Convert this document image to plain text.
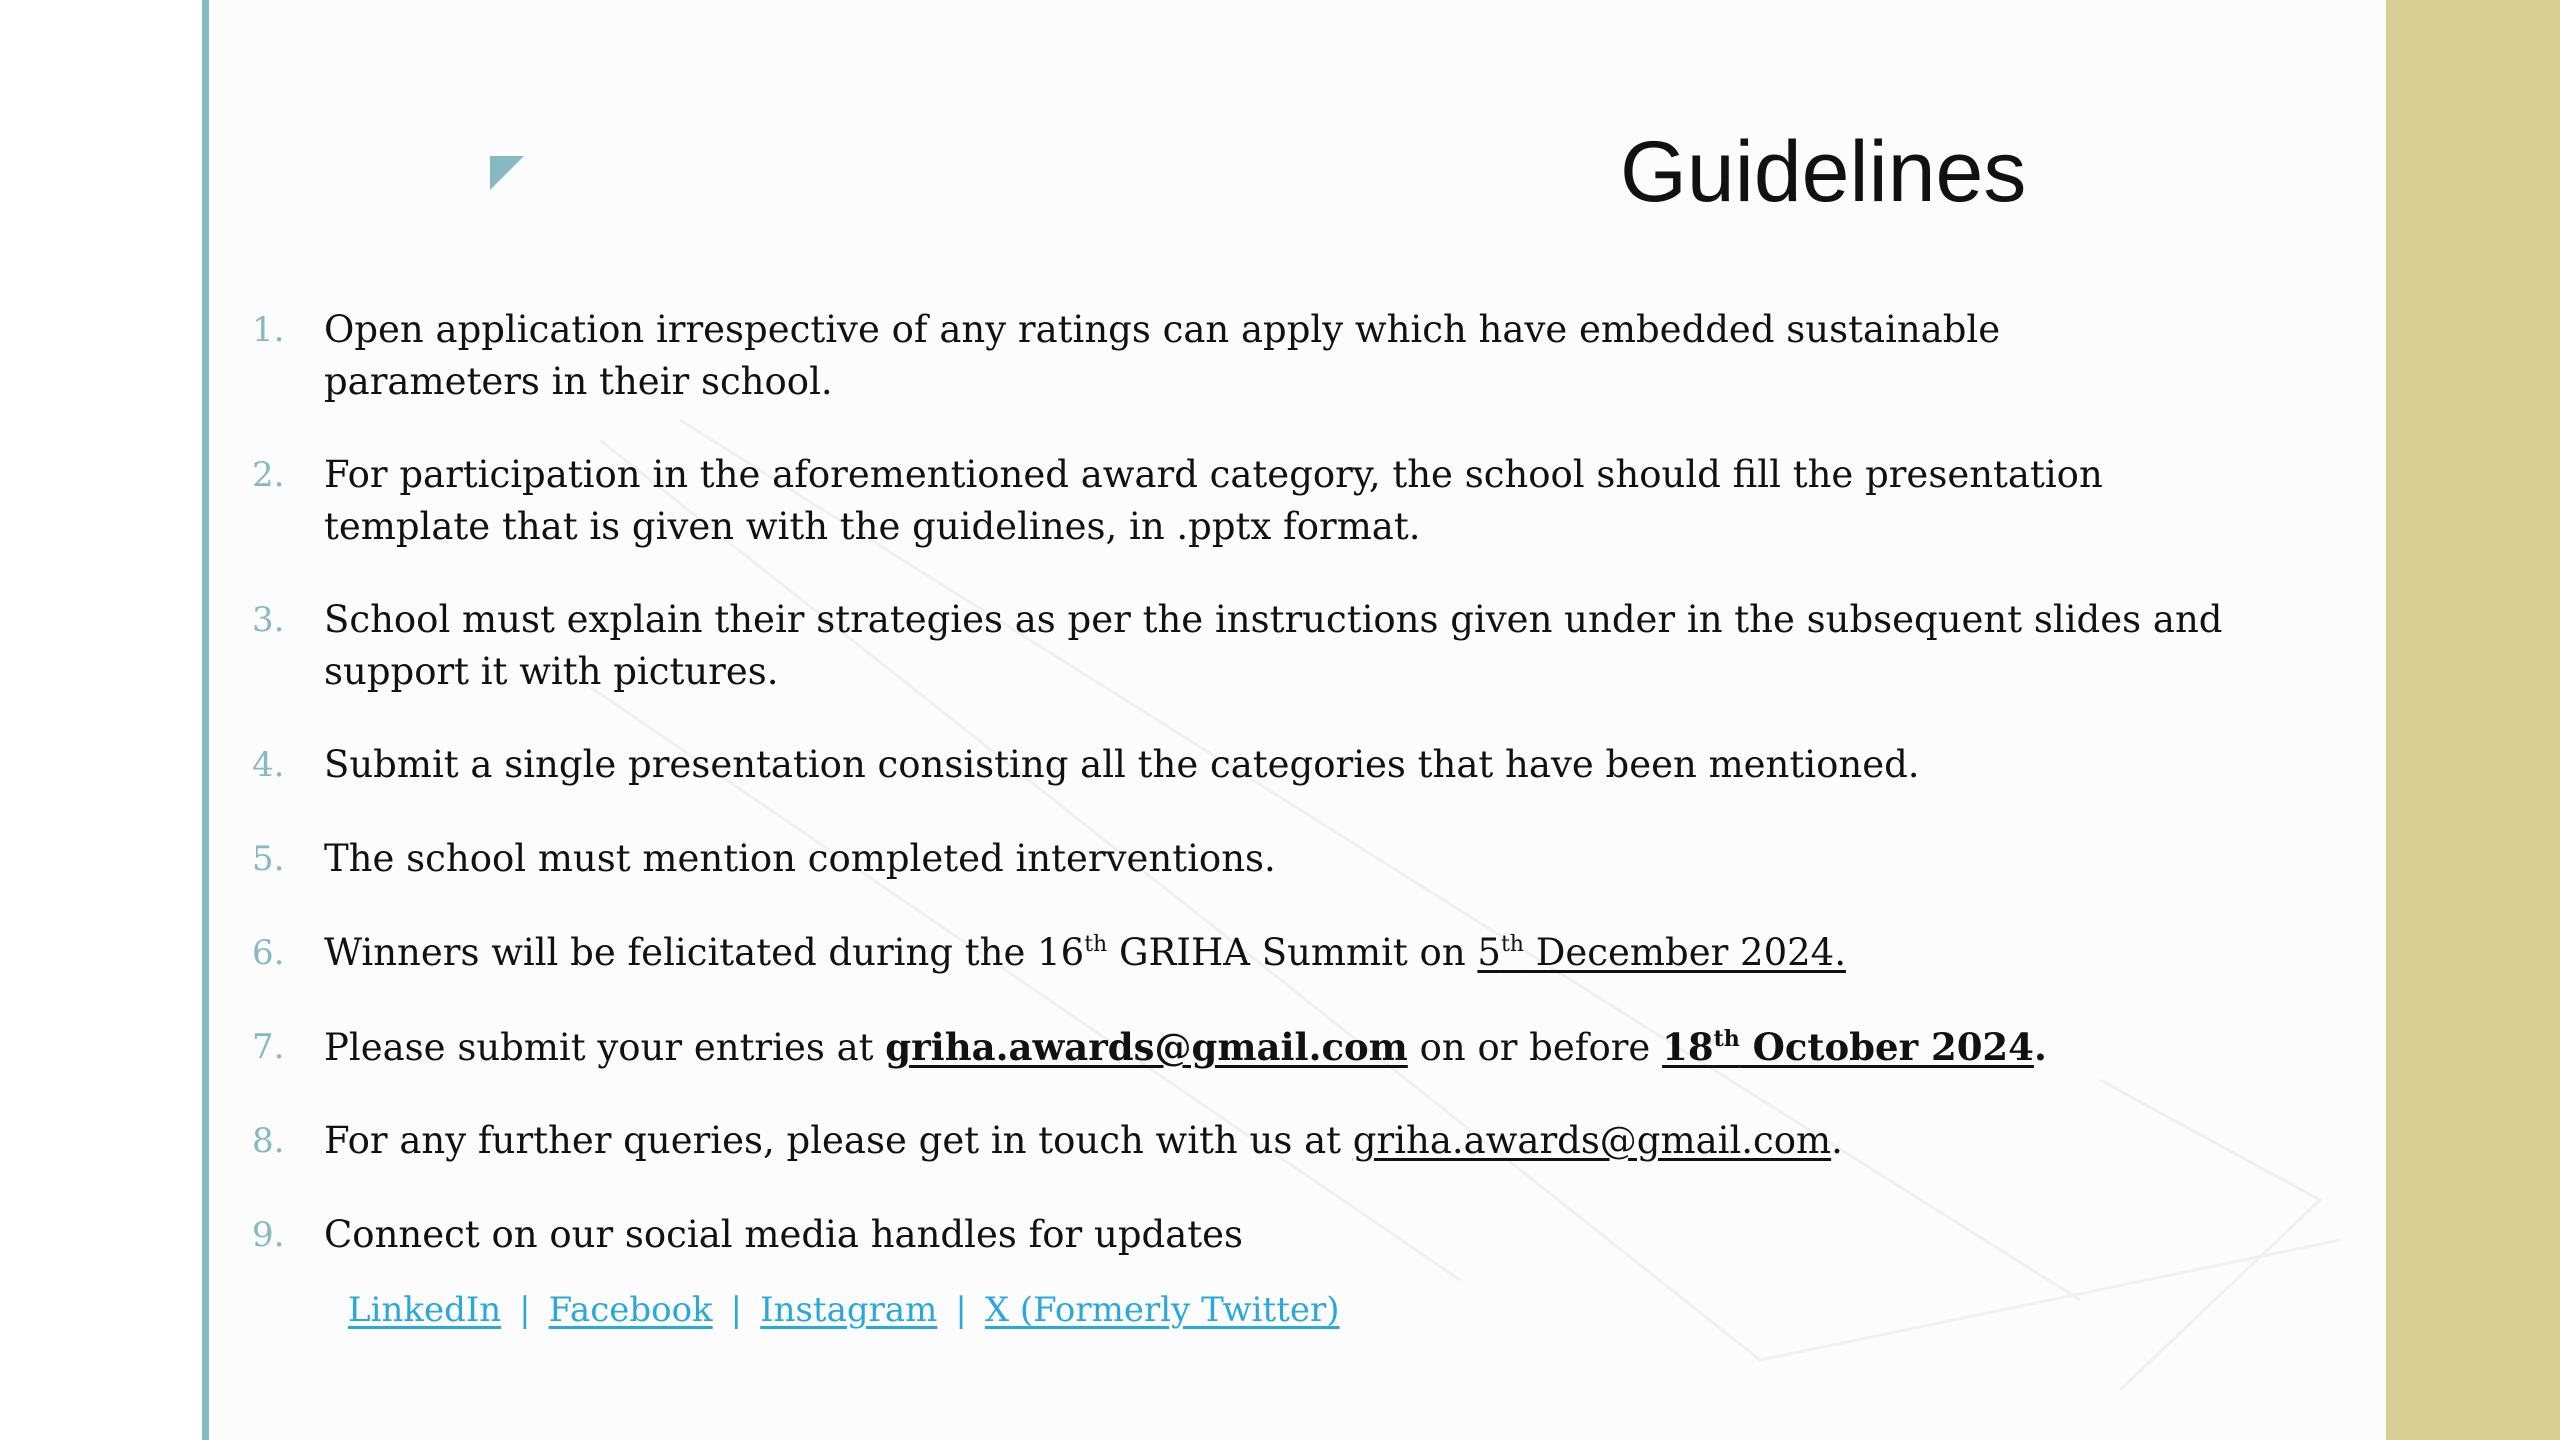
Guidelines
1. Open application irrespective of any ratings can apply which have embedded sustainable parameters in their school.
2. For participation in the aforementioned award category, the school should fill the presentation template that is given with the guidelines, in .pptx format.
3. School must explain their strategies as per the instructions given under in the subsequent slides and support it with pictures.
4. Submit a single presentation consisting all the categories that have been mentioned.
5. The school must mention completed interventions.
6. Winners will be felicitated during the 16th GRIHA Summit on 5th December 2024.
7. Please submit your entries at griha.awards@gmail.com on or before 18th October 2024.
8. For any further queries, please get in touch with us at griha.awards@gmail.com.
9. Connect on our social media handles for updates
LinkedIn | Facebook | Instagram | X (Formerly Twitter)
